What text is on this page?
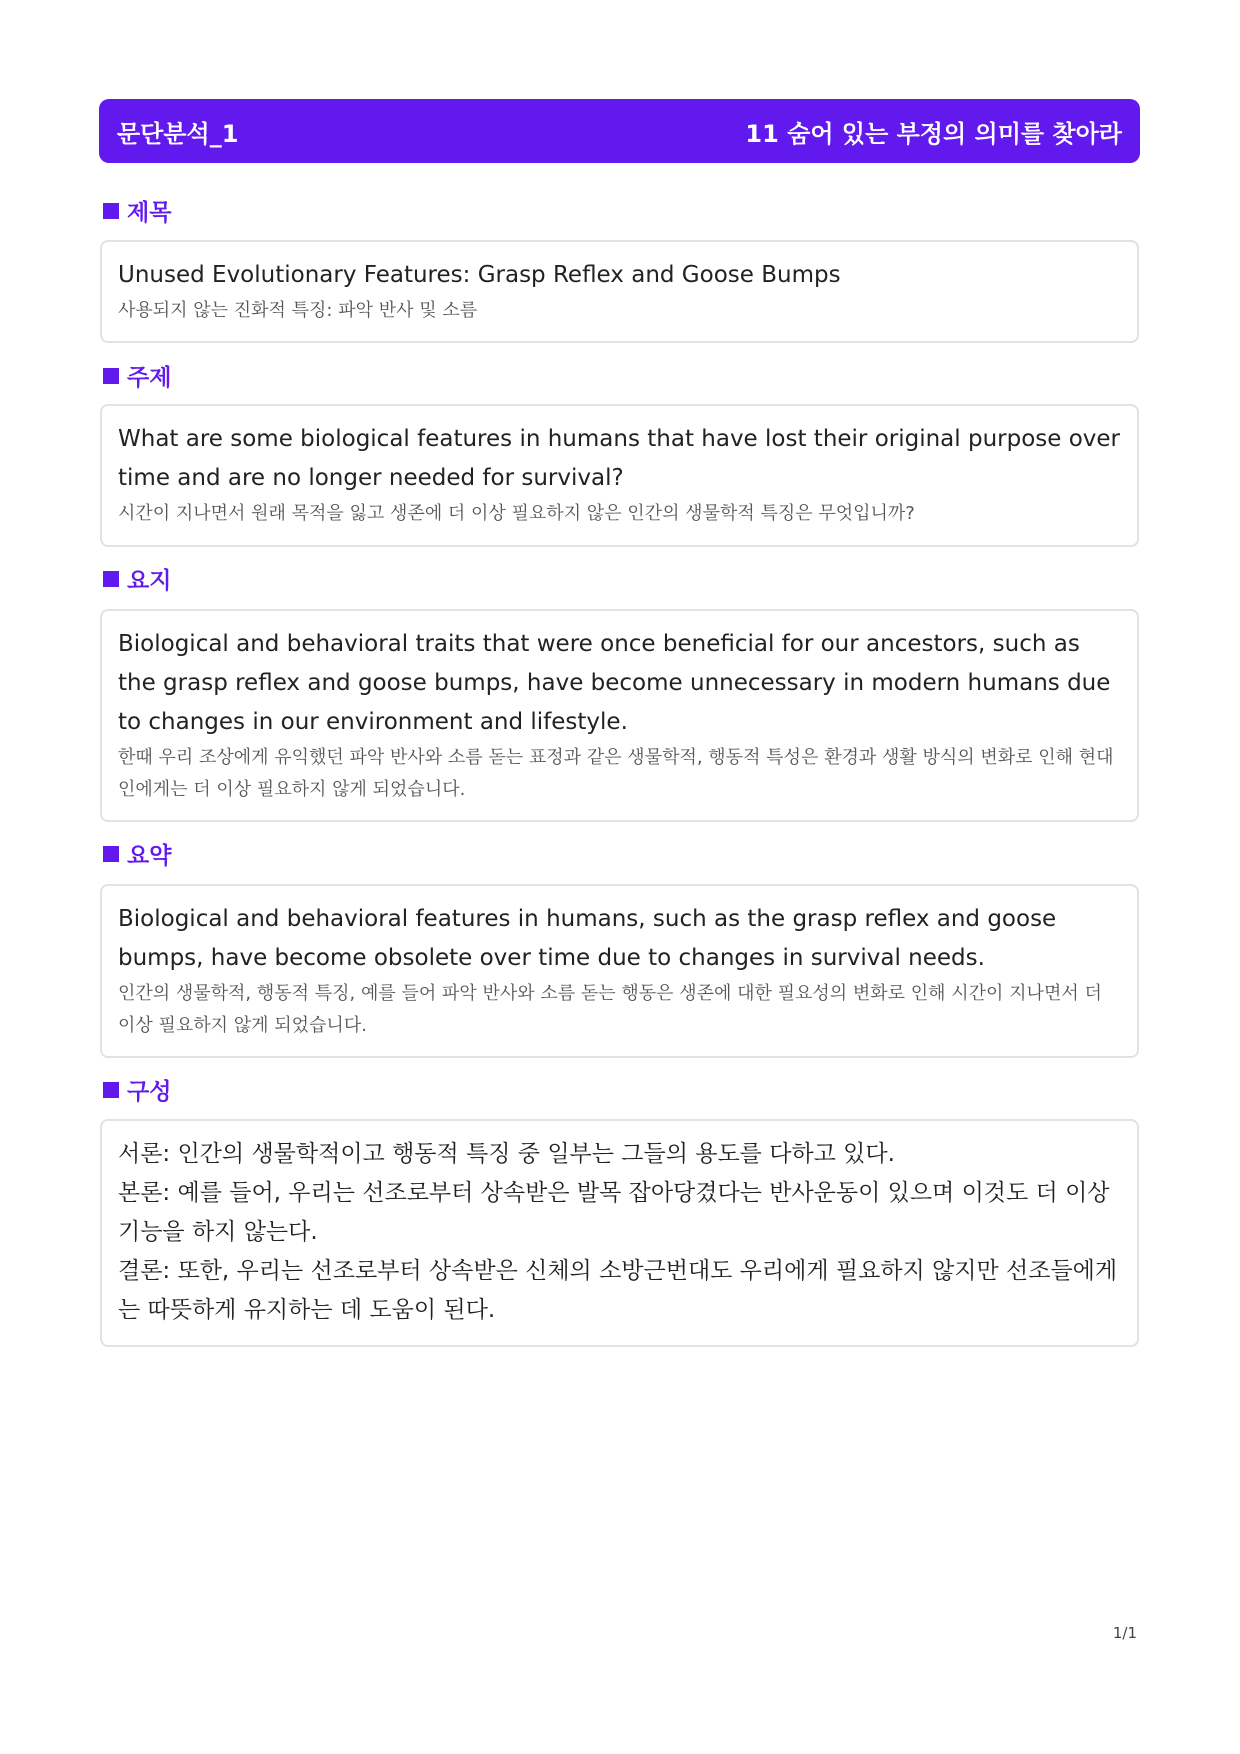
문단분석_1	11 숨어 있는 부정의 의미를 찾아라
제목
Unused Evolutionary Features: Grasp Reflex and Goose Bumps
사용되지 않는 진화적 특징: 파악 반사 및 소름
주제
What are some biological features in humans that have lost their original purpose over time and are no longer needed for survival?
시간이 지나면서 원래 목적을 잃고 생존에 더 이상 필요하지 않은 인간의 생물학적 특징은 무엇입니까?
요지
Biological and behavioral traits that were once beneficial for our ancestors, such as the grasp reflex and goose bumps, have become unnecessary in modern humans due to changes in our environment and lifestyle.
한때 우리 조상에게 유익했던 파악 반사와 소름 돋는 표정과 같은 생물학적, 행동적 특성은 환경과 생활 방식의 변화로 인해 현대인에게는 더 이상 필요하지 않게 되었습니다.
요약
Biological and behavioral features in humans, such as the grasp reflex and goose bumps, have become obsolete over time due to changes in survival needs.
인간의 생물학적, 행동적 특징, 예를 들어 파악 반사와 소름 돋는 행동은 생존에 대한 필요성의 변화로 인해 시간이 지나면서 더 이상 필요하지 않게 되었습니다.
구성
서론: 인간의 생물학적이고 행동적 특징 중 일부는 그들의 용도를 다하고 있다.
본론: 예를 들어, 우리는 선조로부터 상속받은 발목 잡아당겼다는 반사운동이 있으며 이것도 더 이상 기능을 하지 않는다.
결론: 또한, 우리는 선조로부터 상속받은 신체의 소방근번대도 우리에게 필요하지 않지만 선조들에게는 따뜻하게 유지하는 데 도움이 된다.
1/1
